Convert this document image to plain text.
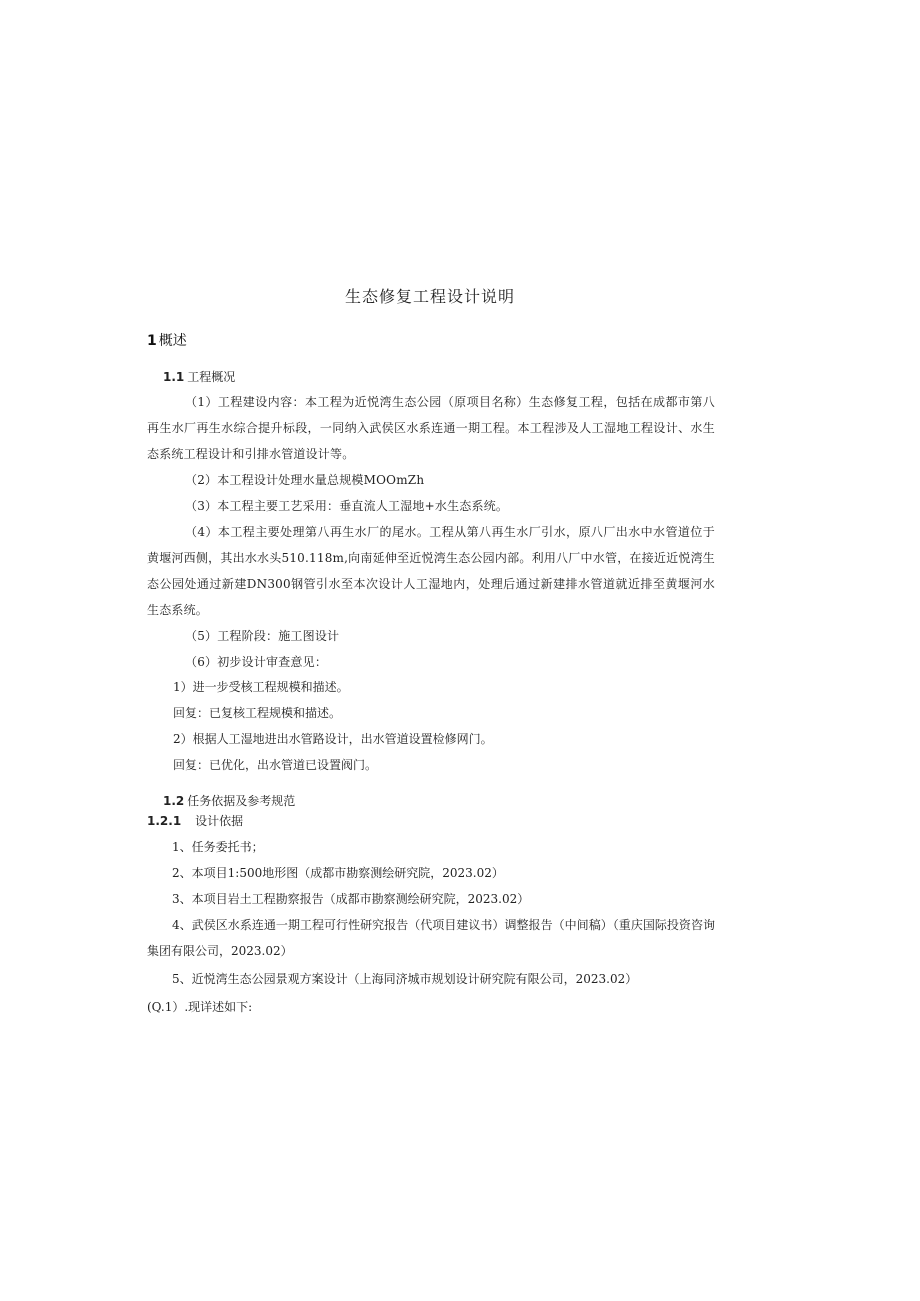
生态修复工程设计说明
1 概述
1.1 工程概况
（1）工程建设内容：本工程为近悦湾生态公园（原项目名称）生态修复工程，包括在成都市第八再生水厂再生水综合提升标段，一同纳入武侯区水系连通一期工程。本工程涉及人工湿地工程设计、水生态系统工程设计和引排水管道设计等。
（2）本工程设计处理水量总规模MOOmZh
（3）本工程主要工艺采用：垂直流人工湿地+水生态系统。
（4）本工程主要处理第八再生水厂的尾水。工程从第八再生水厂引水，原八厂出水中水管道位于黄堰河西侧，其出水水头510.118m,向南延伸至近悦湾生态公园内部。利用八厂中水管，在接近近悦湾生态公园处通过新建DN300钢管引水至本次设计人工湿地内，处理后通过新建排水管道就近排至黄堰河水生态系统。
（5）工程阶段：施工图设计
（6）初步设计审查意见：
1）进一步受核工程规模和描述。
回复：已复核工程规模和描述。
2）根据人工湿地进出水管路设计，出水管道设置检修网门。
回复：已优化，出水管道已设置阀门。
1.2 任务依据及参考规范
1.2.1 设计依据
1、任务委托书；
2、本项目1:500地形图（成都市勘察测绘研究院，2023.02）
3、本项目岩土工程勘察报告（成都市勘察测绘研究院，2023.02）
4、武侯区水系连通一期工程可行性研究报告（代项目建议书）调整报告（中间稿）（重庆国际投资咨询集团有限公司，2023.02）
5、近悦湾生态公园景观方案设计（上海同济城市规划设计研究院有限公司，2023.02）
(Q.1）.现详述如下:
